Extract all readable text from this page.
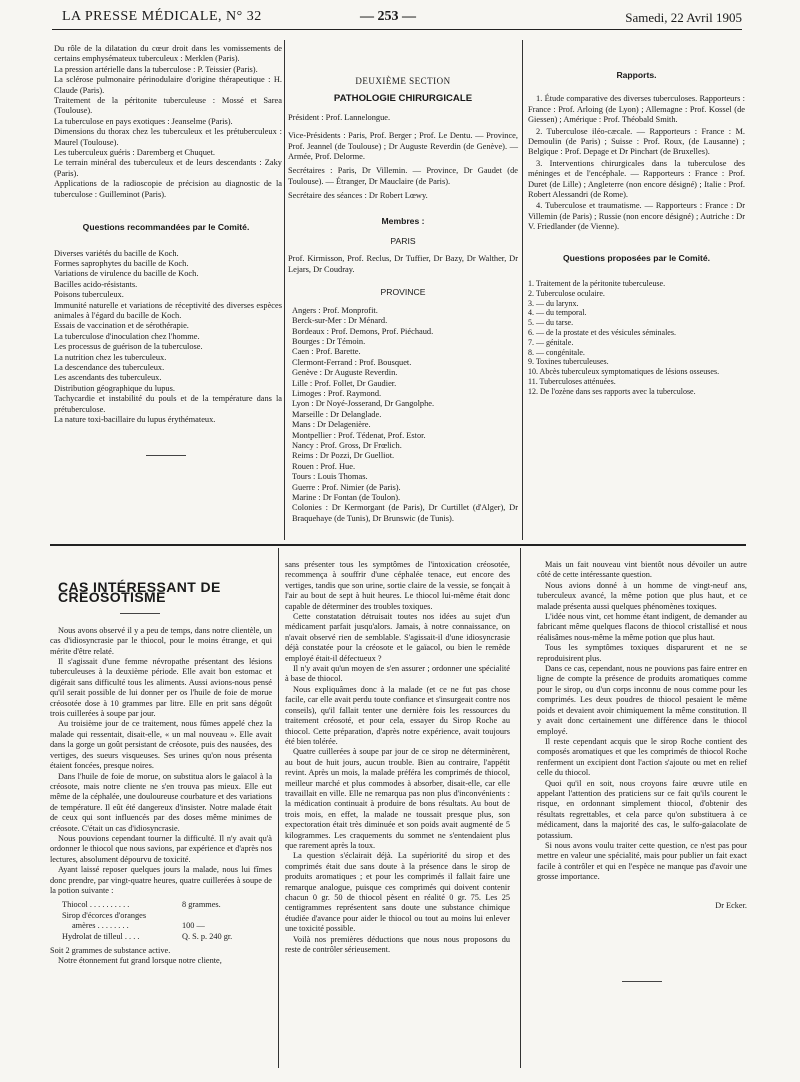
LA PRESSE MÉDICALE, N° 32	— 253 —	Samedi, 22 Avril 1905

Du rôle de la dilatation du cœur droit dans les vomissements de certains emphysémateux tuberculeux : Merklen (Paris).

La pression artérielle dans la tuberculose : P. Teissier (Paris).

La sclérose pulmonaire périnodulaire d'origine thérapeutique : H. Claude (Paris).

Traitement de la péritonite tuberculeuse : Mossé et Sarea (Toulouse).

La tuberculose en pays exotiques : Jeanselme (Paris).

Dimensions du thorax chez les tuberculeux et les prétuberculeux : Maurel (Toulouse).

Les tuberculeux guéris : Daremberg et Chuquet.

Le terrain minéral des tuberculeux et de leurs descendants : Zaky (Paris).

Applications de la radioscopie de précision au diagnostic de la tuberculose : Guilleminot (Paris).

Questions recommandées par le Comité.

Diverses variétés du bacille de Koch.

Formes saprophytes du bacille de Koch.

Variations de virulence du bacille de Koch.

Bacilles acido-résistants.

Poisons tuberculeux.

Immunité naturelle et variations de réceptivité des diverses espèces animales à l'égard du bacille de Koch.

Essais de vaccination et de sérothérapie.

La tuberculose d'inoculation chez l'homme.

Les processus de guérison de la tuberculose.

La nutrition chez les tuberculeux.

La descendance des tuberculeux.

Les ascendants des tuberculeux.

Distribution géographique du lupus.

Tachycardie et instabilité du pouls et de la température dans la prétuberculose.

La nature toxi-bacillaire du lupus érythémateux.

DEUXIÈME SECTION
PATHOLOGIE CHIRURGICALE

Président : Prof. Lannelongue.

Vice-Présidents : Paris, Prof. Berger ; Prof. Le Dentu. — Province, Prof. Jeannel (de Toulouse) ; Dr Auguste Reverdin (de Genève). — Armée, Prof. Delorme.

Secrétaires : Paris, Dr Villemin. — Province, Dr Gaudet (de Toulouse). — Étranger, Dr Mauclaire (de Paris).

Secrétaire des séances : Dr Robert Lœwy.

Membres :
PARIS

Prof. Kirmisson, Prof. Reclus, Dr Tuffier, Dr Bazy, Dr Walther, Dr Lejars, Dr Coudray.

PROVINCE

Angers : Prof. Monprofit.

Berck-sur-Mer : Dr Ménard.

Bordeaux : Prof. Demons, Prof. Piéchaud.

Bourges : Dr Témoin.

Caen : Prof. Barette.

Clermont-Ferrand : Prof. Bousquet.

Genève : Dr Auguste Reverdin.

Lille : Prof. Follet, Dr Gaudier.

Limoges : Prof. Raymond.

Lyon : Dr Noyé-Josserand, Dr Gangolphe.

Marseille : Dr Delanglade.

Mans : Dr Delagenière.

Montpellier : Prof. Tédenat, Prof. Estor.

Nancy : Prof. Gross, Dr Frœlich.

Reims : Dr Pozzi, Dr Guelliot.

Rouen : Prof. Hue.

Tours : Louis Thomas.

Guerre : Prof. Nimier (de Paris).

Marine : Dr Fontan (de Toulon).

Colonies : Dr Kermorgant (de Paris), Dr Curtillet (d'Alger), Dr Braquehaye (de Tunis), Dr Brunswic (de Tunis).

Rapports.

1. Étude comparative des diverses tuberculoses. Rapporteurs : France : Prof. Arloing (de Lyon) ; Allemagne : Prof. Kossel (de Giessen) ; Amérique : Prof. Théobald Smith.

2. Tuberculose iléo-cæcale. — Rapporteurs : France : M. Demoulin (de Paris) ; Suisse : Prof. Roux, (de Lausanne) ; Belgique : Prof. Depage et Dr Pinchart (de Bruxelles).

3. Interventions chirurgicales dans la tuberculose des méninges et de l'encéphale. — Rapporteurs : France : Prof. Duret (de Lille) ; Angleterre (non encore désigné) ; Italie : Prof. Robert Alessandri (de Rome).

4. Tuberculose et traumatisme. — Rapporteurs : France : Dr Villemin (de Paris) ; Russie (non encore désigné) ; Autriche : Dr V. Friedlander (de Vienne).

Questions proposées par le Comité.

1. Traitement de la péritonite tuberculeuse.

2. Tuberculose oculaire.

3. — du larynx.

4. — du temporal.

5. — du tarse.

6. — de la prostate et des vésicules séminales.

7. — génitale.

8. — congénitale.

9. Toxines tuberculeuses.

10. Abcès tuberculeux symptomatiques de lésions osseuses.

11. Tuberculoses atténuées.

12. De l'ozène dans ses rapports avec la tuberculose.

CAS INTÉRESSANT DE CRÉOSOTISME

Nous avons observé il y a peu de temps, dans notre clientèle, un cas d'idiosyncrasie par le thiocol, pour le moins étrange, et qui mérite d'être relaté.

Il s'agissait d'une femme névropathe présentant des lésions tuberculeuses à la deuxième période. Elle avait bon estomac et digérait sans difficulté tous les aliments. Aussi avions-nous pensé qu'il serait possible de lui donner per os l'huile de foie de morue créosotée dose à 10 grammes par litre. Elle en prit sans dégoût trois cuillerées à soupe par jour.

Au troisième jour de ce traitement, nous fûmes appelé chez la malade qui ressentait, disait-elle, « un mal nouveau ». Elle avait dans la gorge un goût persistant de créosote, puis des nausées, des vertiges, des sueurs visqueuses. Ses urines qu'on nous présenta étaient foncées, presque noires.

Dans l'huile de foie de morue, on substitua alors le gaïacol à la créosote, mais notre cliente ne s'en trouva pas mieux. Elle eut même de la céphalée, une douloureuse courbature et des variations de température. Il eût été dangereux d'insister. Notre malade était de ceux qui sont influencés par des doses même minimes de créosote. C'était un cas d'idiosyncrasie.

Nous pouvions cependant tourner la difficulté. Il n'y avait qu'à ordonner le thiocol que nous savions, par expérience et d'après nos lectures, absolument dépourvu de toxicité.

Ayant laissé reposer quelques jours la malade, nous lui fîmes donc prendre, par vingt-quatre heures, quatre cuillerées à soupe de la potion suivante :

Thiocol . . . . . . . . . .	8 grammes.
Sirop d'écorces d'oranges
amères . . . . . . . .	100 —
Hydrolat de tilleul . . . .	Q. S. p. 240 gr.

Soit 2 grammes de substance active.

Notre étonnement fut grand lorsque notre cliente,

sans présenter tous les symptômes de l'intoxication créosotée, recommença à souffrir d'une céphalée tenace, eut encore des vertiges, tandis que son urine, sortie claire de la vessie, se fonçait à l'air au bout de sept à huit heures. Le thiocol lui-même était donc capable de déterminer des troubles toxiques.

Cette constatation détruisait toutes nos idées au sujet d'un médicament parfait jusqu'alors. Jamais, à notre connaissance, on n'avait observé rien de semblable. S'agissait-il d'une idiosyncrasie déjà constatée pour la créosote et le gaïacol, ou bien le remède employé était-il défectueux ?

Il n'y avait qu'un moyen de s'en assurer ; ordonner une spécialité à base de thiocol.

Nous expliquâmes donc à la malade (et ce ne fut pas chose facile, car elle avait perdu toute confiance et s'insurgeait contre nos conseils), qu'il fallait tenter une dernière fois les ressources du traitement créosoté, et pour cela, essayer du Sirop Roche au thiocol. Cette préparation, d'après notre expérience, avait toujours été bien tolérée.

Quatre cuillerées à soupe par jour de ce sirop ne déterminèrent, au bout de huit jours, aucun trouble. Bien au contraire, l'appétit revint. Après un mois, la malade préféra les comprimés de thiocol, meilleur marché et plus commodes à absorber, disait-elle, car elle travaillait en ville. Elle ne remarqua pas non plus d'inconvénients : la médication continuait à produire de bons résultats. Au bout de trois mois, en effet, la malade ne toussait presque plus, son expectoration était très diminuée et son poids avait augmenté de 5 kilogrammes. Les craquements du sommet ne s'entendaient plus que rarement après la toux.

La question s'éclairait déjà. La supériorité du sirop et des comprimés était due sans doute à la présence dans le sirop de produits aromatiques ; et pour les comprimés il fallait faire une remarque analogue, puisque ces comprimés qui doivent contenir chacun 0 gr. 50 de thiocol pèsent en réalité 0 gr. 75. Les 25 centigrammes représentent sans doute une substance chimique étudiée d'avance pour aider le thiocol ou tout au moins lui enlever une toxicité possible.

Voilà nos premières déductions que nous nous proposons du reste de contrôler sérieusement.

Mais un fait nouveau vint bientôt nous dévoiler un autre côté de cette intéressante question.

Nous avions donné à un homme de vingt-neuf ans, tuberculeux avancé, la même potion que plus haut, et ce malade présenta aussi quelques phénomènes toxiques.

L'idée nous vint, cet homme étant indigent, de demander au fabricant même quelques flacons de thiocol cristallisé et nous réalisâmes nous-même la même potion que plus haut.

Tous les symptômes toxiques disparurent et ne se reproduisirent plus.

Dans ce cas, cependant, nous ne pouvions pas faire entrer en ligne de compte la présence de produits aromatiques comme pour le sirop, ou d'un corps inconnu de nous comme pour les comprimés. Les deux poudres de thiocol pesaient le même poids et devaient avoir chimiquement la même constitution. Il y avait donc certainement une différence dans le thiocol employé.

Il reste cependant acquis que le sirop Roche contient des composés aromatiques et que les comprimés de thiocol Roche renferment un excipient dont l'action s'ajoute ou met en relief celle du thiocol.

Quoi qu'il en soit, nous croyons faire œuvre utile en appelant l'attention des praticiens sur ce fait qu'ils courent le risque, en ordonnant simplement thiocol, d'obtenir des résultats regrettables, et cela parce qu'on substituera à ce médicament, dans la majorité des cas, le sulfo-gaïacolate de potassium.

Si nous avons voulu traiter cette question, ce n'est pas pour mettre en valeur une spécialité, mais pour publier un fait exact facile à contrôler et qui en l'espèce ne manque pas d'avoir une grosse importance.

Dr Ecker.
